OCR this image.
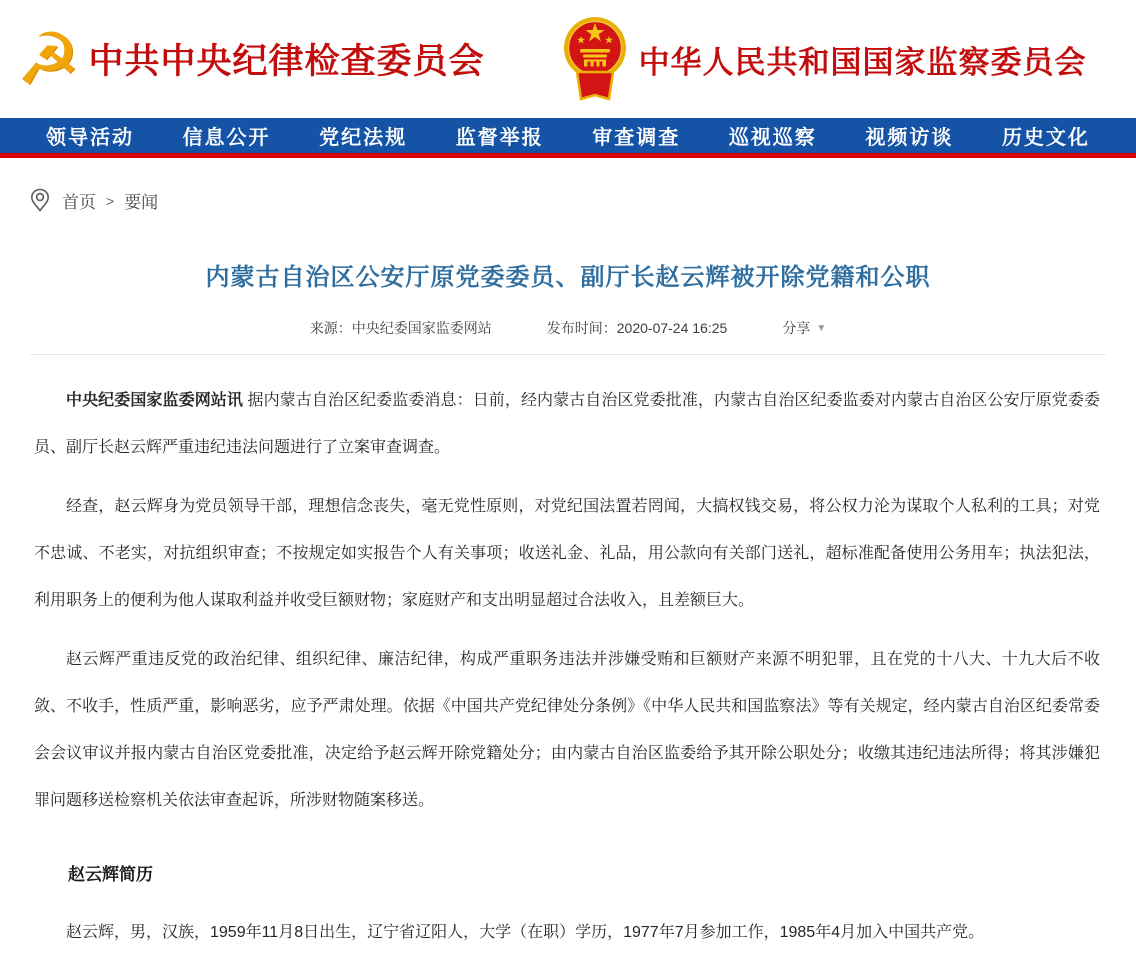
☭ 中共中央纪律检查委员会	中华人民共和国国家监察委员会
领导活动 信息公开 党纪法规 监督举报 审查调查 巡视巡察 视频访谈 历史文化
首页 > 要闻
内蒙古自治区公安厅原党委委员、副厅长赵云辉被开除党籍和公职
来源：中央纪委国家监委网站	发布时间：2020-07-24 16:25	分享 ▼

中央纪委国家监委网站讯 据内蒙古自治区纪委监委消息：日前，经内蒙古自治区党委批准，内蒙古自治区纪委监委对内蒙古自治区公安厅原党委委员、副厅长赵云辉严重违纪违法问题进行了立案审查调查。

经查，赵云辉身为党员领导干部，理想信念丧失，毫无党性原则，对党纪国法置若罔闻，大搞权钱交易，将公权力沦为谋取个人私利的工具；对党不忠诚、不老实，对抗组织审查；不按规定如实报告个人有关事项；收送礼金、礼品，用公款向有关部门送礼，超标准配备使用公务用车；执法犯法，利用职务上的便利为他人谋取利益并收受巨额财物；家庭财产和支出明显超过合法收入，且差额巨大。

赵云辉严重违反党的政治纪律、组织纪律、廉洁纪律，构成严重职务违法并涉嫌受贿和巨额财产来源不明犯罪，且在党的十八大、十九大后不收敛、不收手，性质严重，影响恶劣，应予严肃处理。依据《中国共产党纪律处分条例》《中华人民共和国监察法》等有关规定，经内蒙古自治区纪委常委会会议审议并报内蒙古自治区党委批准，决定给予赵云辉开除党籍处分；由内蒙古自治区监委给予其开除公职处分；收缴其违纪违法所得；将其涉嫌犯罪问题移送检察机关依法审查起诉，所涉财物随案移送。

赵云辉简历

赵云辉，男，汉族，1959年11月8日出生，辽宁省辽阳人，大学（在职）学历，1977年7月参加工作，1985年4月加入中国共产党。
